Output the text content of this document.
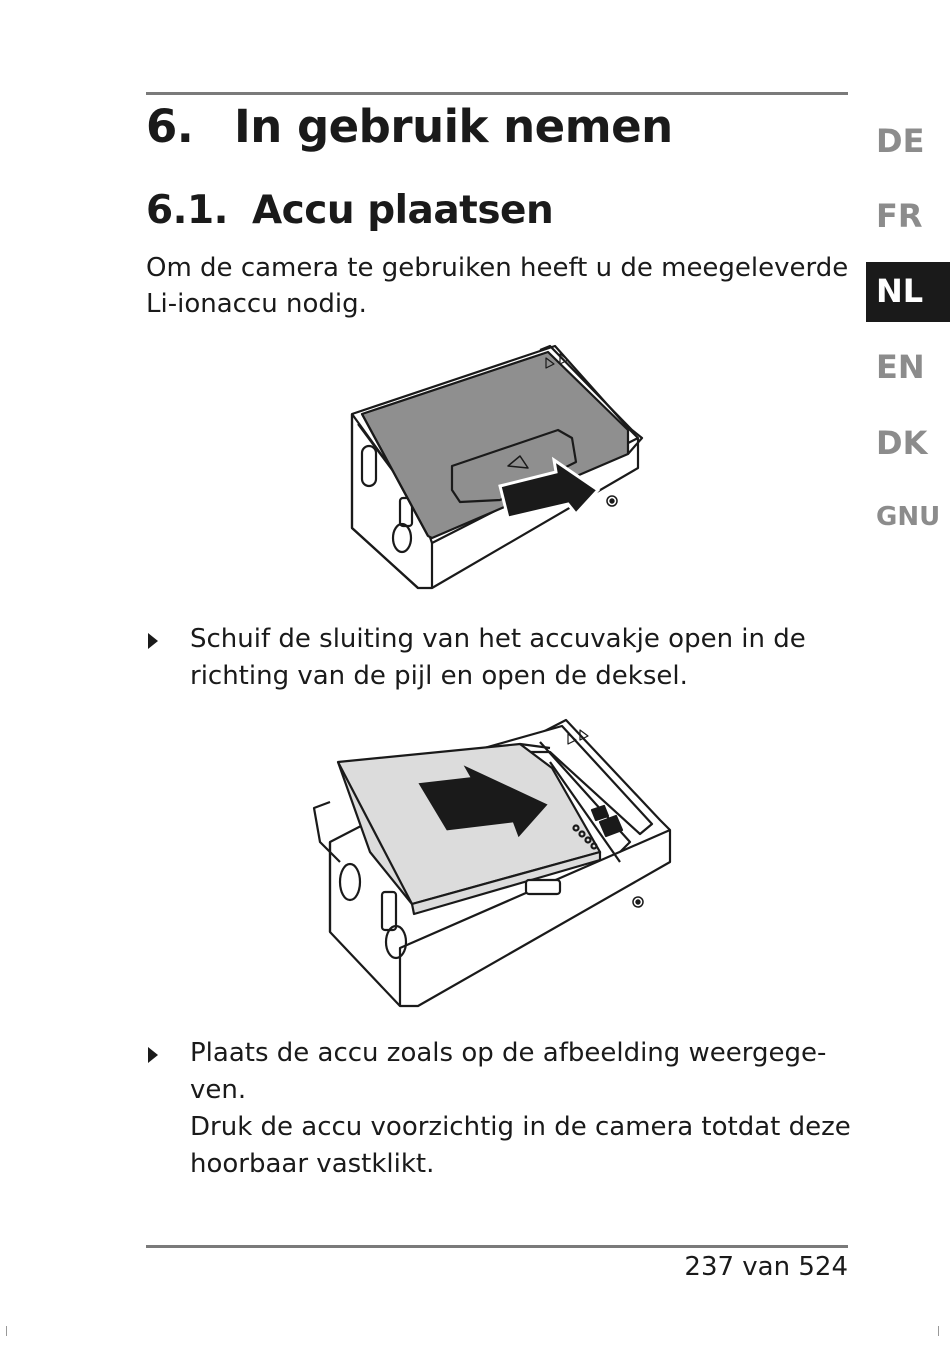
6. In gebruik nemen
6.1. Accu plaatsen
Om de camera te gebruiken heeft u de meegeleverde
Li-ionaccu nodig.
Schuif de sluiting van het accuvakje open in de
richting van de pijl en open de deksel.
Plaats de accu zoals op de afbeelding weergege-
ven.
Druk de accu voorzichtig in de camera totdat deze
hoorbaar vastklikt.
237 van 524
DE
FR
NL
EN
DK
GNU
